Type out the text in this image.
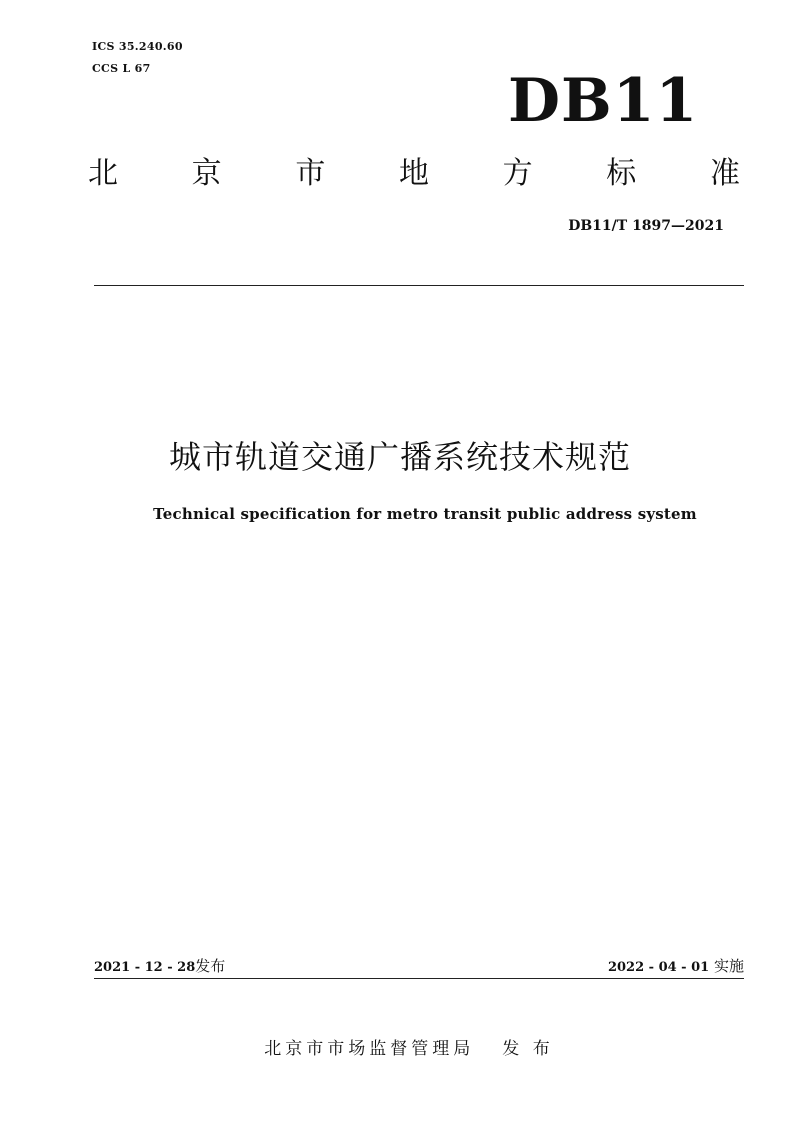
ICS 35.240.60
CCS L 67	DB11
北 京 市 地 方 标 准
DB11/T 1897—2021
城市轨道交通广播系统技术规范
Technical specification for metro transit public address system
2021 - 12 - 28发布	2022 - 04 - 01 实施
北京市市场监督管理局 发 布
